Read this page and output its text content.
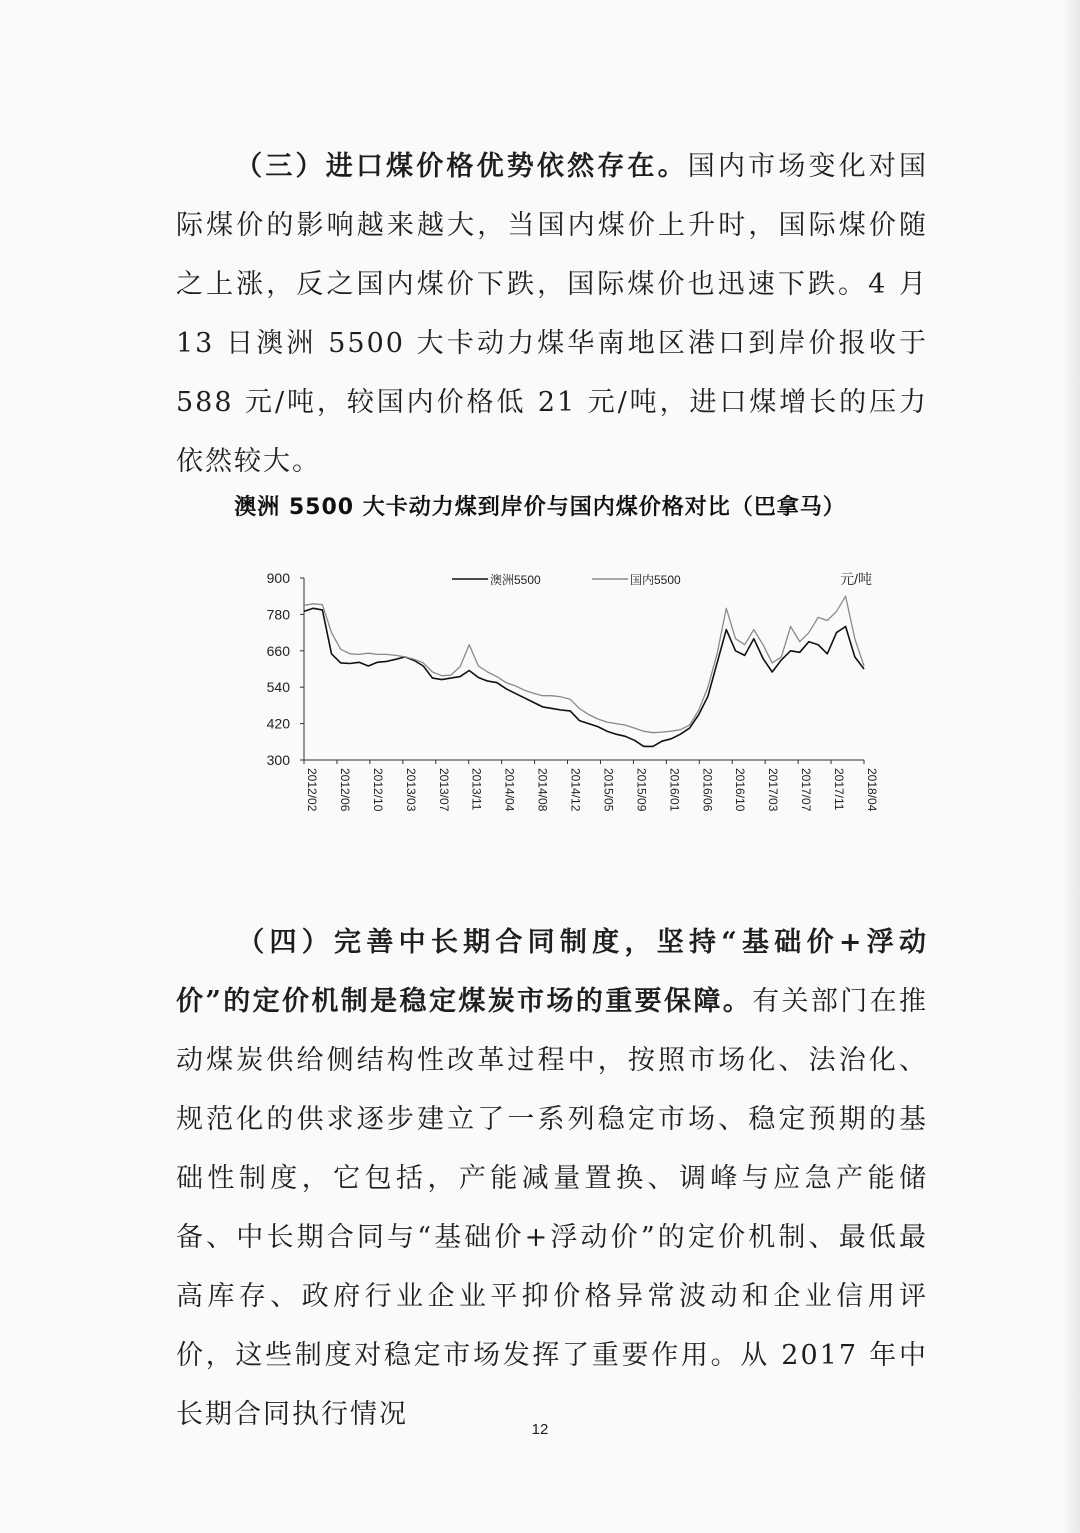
（三）进口煤价格优势依然存在。国内市场变化对国际煤价的影响越来越大，当国内煤价上升时，国际煤价随之上涨，反之国内煤价下跌，国际煤价也迅速下跌。4 月 13 日澳洲 5500 大卡动力煤华南地区港口到岸价报收于 588 元/吨，较国内价格低 21 元/吨，进口煤增长的压力依然较大。

澳洲 5500 大卡动力煤到岸价与国内煤价格对比（巴拿马）
300
420
540
660
780
900
2012/02 2012/06 2012/10 2013/03 2013/07 2013/11 2014/04 2014/08 2014/12 2015/05 2015/09 2016/01 2016/06 2016/10 2017/03 2017/07 2017/11 2018/04
澳洲5500	国内5500	元/吨

（四）完善中长期合同制度，坚持“基础价+浮动价”的定价机制是稳定煤炭市场的重要保障。有关部门在推动煤炭供给侧结构性改革过程中，按照市场化、法治化、规范化的供求逐步建立了一系列稳定市场、稳定预期的基础性制度，它包括，产能减量置换、调峰与应急产能储备、中长期合同与“基础价+浮动价”的定价机制、最低最高库存、政府行业企业平抑价格异常波动和企业信用评价，这些制度对稳定市场发挥了重要作用。从 2017 年中长期合同执行情况	12
